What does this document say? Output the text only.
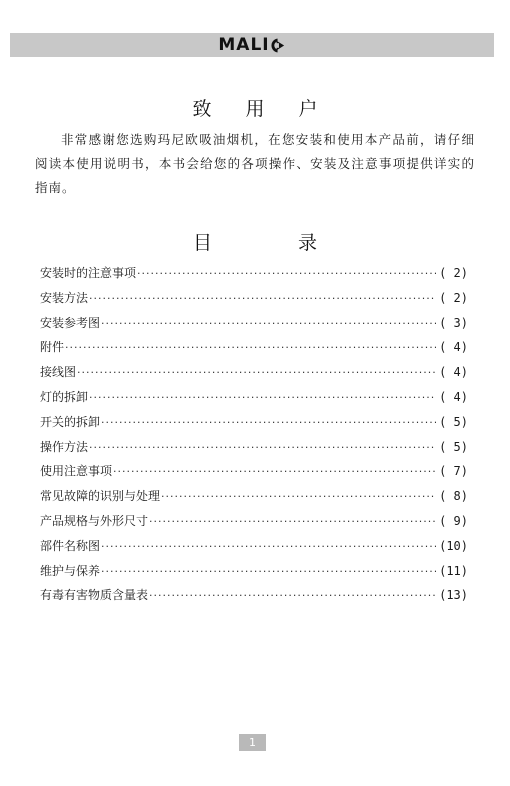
MALI
致 用 户

非常感谢您选购玛尼欧吸油烟机，在您安装和使用本产品前，请仔细阅读本使用说明书，本书会给您的各项操作、安装及注意事项提供详实的指南。

目 录
安装时的注意事项 ·····	( 2)
安装方法 ·····	( 2)
安装参考图 ·····	( 3)
附件 ·····	( 4)
接线图 ·····	( 4)
灯的拆卸 ·····	( 4)
开关的拆卸 ·····	( 5)
操作方法 ·····	( 5)
使用注意事项 ·····	( 7)
常见故障的识别与处理 ·····	( 8)
产品规格与外形尺寸 ·····	( 9)
部件名称图 ·····	(10)
维护与保养 ·····	(11)
有毒有害物质含量表 ·····	(13)
1
